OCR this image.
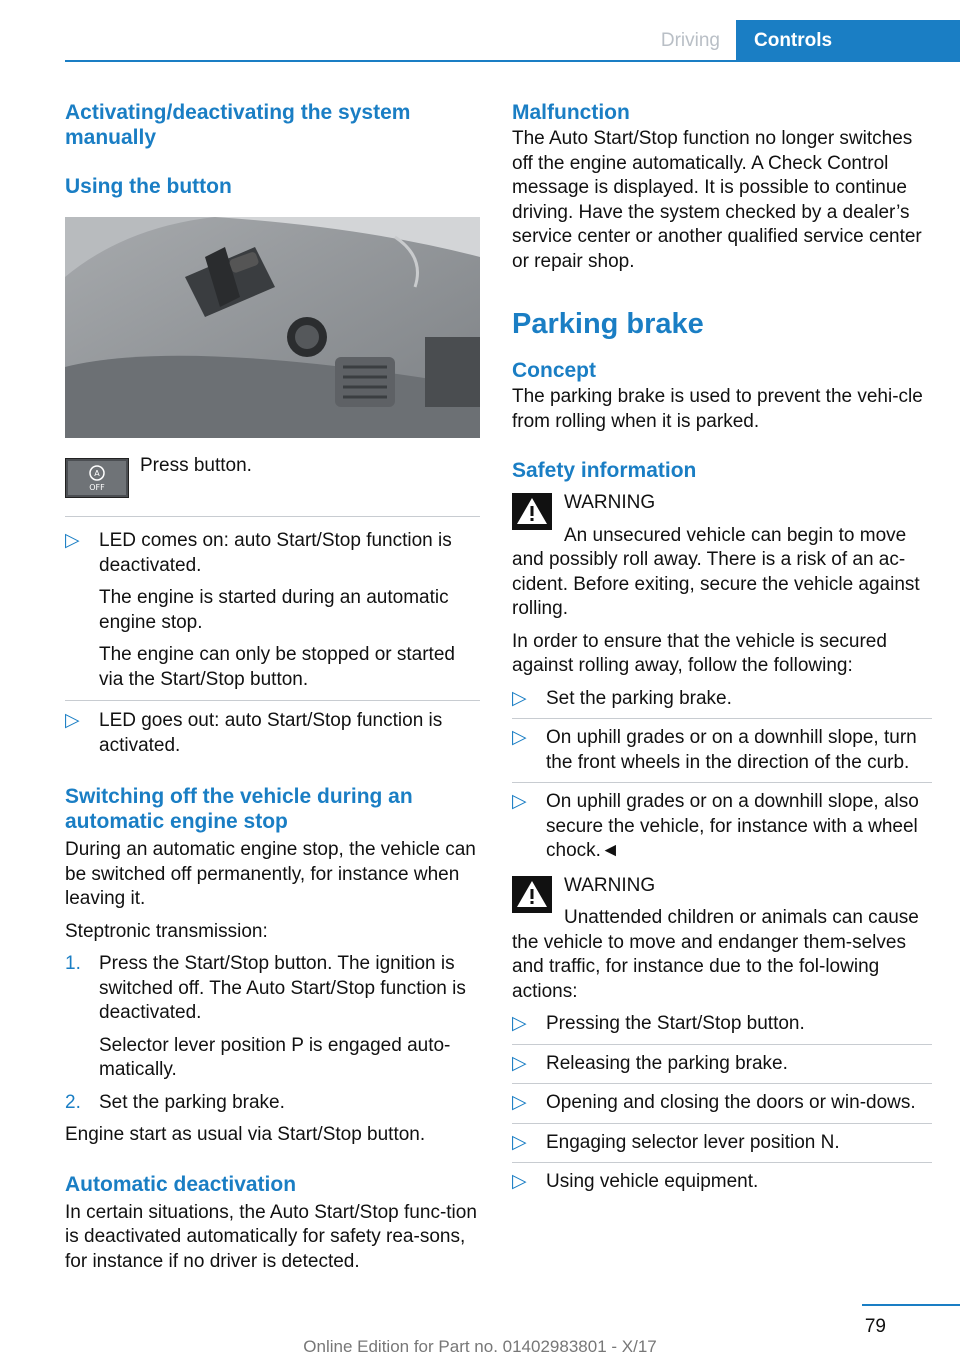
Driving	Controls
Activating/deactivating the system manually
Using the button
A
OFF

Press button.

▷ LED comes on: auto Start/Stop function is deactivated.
The engine is started during an automatic engine stop.
The engine can only be stopped or started via the Start/Stop button.
▷ LED goes out: auto Start/Stop function is activated.
Switching off the vehicle during an automatic engine stop

During an automatic engine stop, the vehicle can be switched off permanently, for instance when leaving it.

Steptronic transmission:

1. Press the Start/Stop button. The ignition is switched off. The Auto Start/Stop function is deactivated.
Selector lever position P is engaged auto-matically.
2. Set the parking brake.

Engine start as usual via Start/Stop button.

Automatic deactivation

In certain situations, the Auto Start/Stop func-tion is deactivated automatically for safety rea-sons, for instance if no driver is detected.

Malfunction

The Auto Start/Stop function no longer switches off the engine automatically. A Check Control message is displayed. It is possible to continue driving. Have the system checked by a dealer’s service center or another qualified service center or repair shop.

Parking brake
Concept

The parking brake is used to prevent the vehi-cle from rolling when it is parked.

Safety information

WARNING

An unsecured vehicle can begin to move and possibly roll away. There is a risk of an ac-cident. Before exiting, secure the vehicle against rolling.

In order to ensure that the vehicle is secured against rolling away, follow the following:

▷ Set the parking brake.
▷ On uphill grades or on a downhill slope, turn the front wheels in the direction of the curb.
▷ On uphill grades or on a downhill slope, also secure the vehicle, for instance with a wheel chock.◄

WARNING

Unattended children or animals can cause the vehicle to move and endanger them-selves and traffic, for instance due to the fol-lowing actions:

▷ Pressing the Start/Stop button.
▷ Releasing the parking brake.
▷ Opening and closing the doors or win-dows.
▷ Engaging selector lever position N.
▷ Using vehicle equipment.
79
Online Edition for Part no. 01402983801 - X/17
